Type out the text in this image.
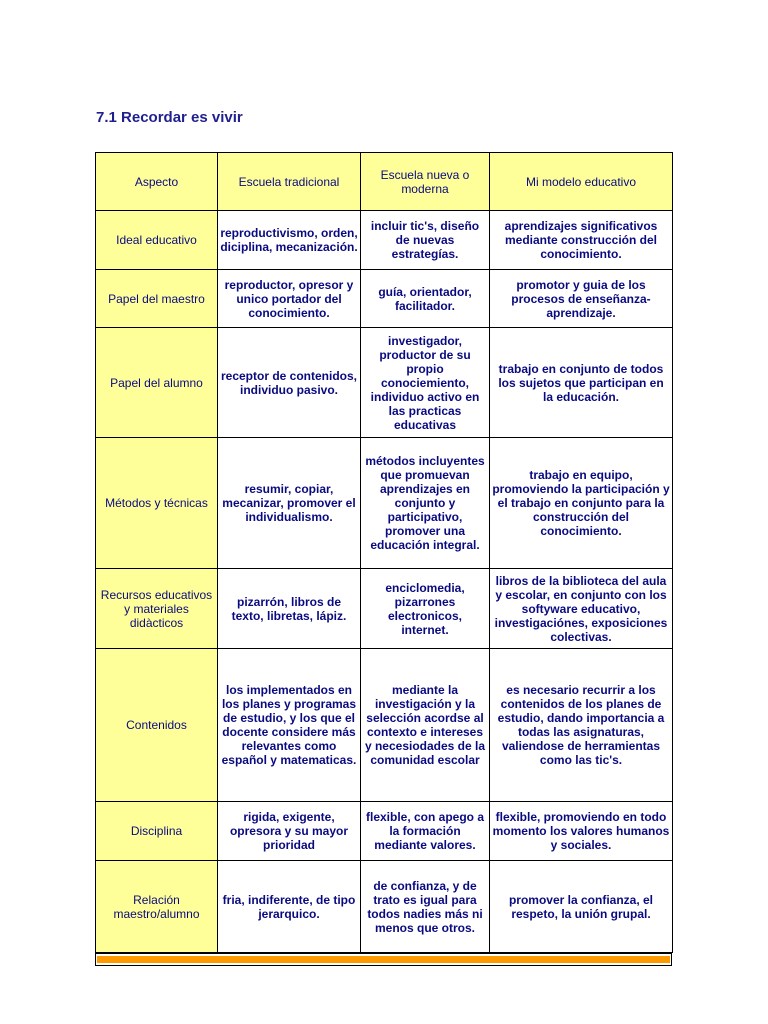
7.1 Recordar es vivir
Aspecto	Escuela tradicional	Escuela nueva o moderna	Mi modelo educativo
Ideal educativo	reproductivismo, orden, diciplina, mecanización.	incluir tic's, diseño de nuevas estrategías.	aprendizajes significativos mediante construcción del conocimiento.
Papel del maestro	reproductor, opresor y unico portador del conocimiento.	guía, orientador, facilitador.	promotor y guia de los procesos de enseñanza-aprendizaje.
Papel del alumno	receptor de contenidos, individuo pasivo.	investigador, productor de su propio conociemiento, individuo activo en las practicas educativas	trabajo en conjunto de todos los sujetos que participan en la educación.
Métodos y técnicas	resumir, copiar, mecanizar, promover el individualismo.	métodos incluyentes que promuevan aprendizajes en conjunto y participativo, promover una educación integral.	trabajo en equipo, promoviendo la participación y el trabajo en conjunto para la construcción del conocimiento.
Recursos educativos y materiales didàcticos	pizarrón, libros de texto, libretas, lápiz.	enciclomedia, pizarrones electronicos, internet.	libros de la biblioteca del aula y escolar, en conjunto con los softyware educativo, investigaciónes, exposiciones colectivas.
Contenidos	los implementados en los planes y programas de estudio, y los que el docente considere más relevantes como español y matematicas.	mediante la investigación y la selección acordse al contexto e intereses y necesiodades de la comunidad escolar	es necesario recurrir a los contenidos de los planes de estudio, dando importancia a todas las asignaturas, valiendose de herramientas como las tic's.
Disciplina	rigida, exigente, opresora y su mayor prioridad	flexible, con apego a la formación mediante valores.	flexible, promoviendo en todo momento los valores humanos y sociales.
Relación maestro/alumno	fria, indiferente, de tipo jerarquico.	de confianza, y de trato es igual para todos nadies más ni menos que otros.	promover la confianza, el respeto, la unión grupal.
